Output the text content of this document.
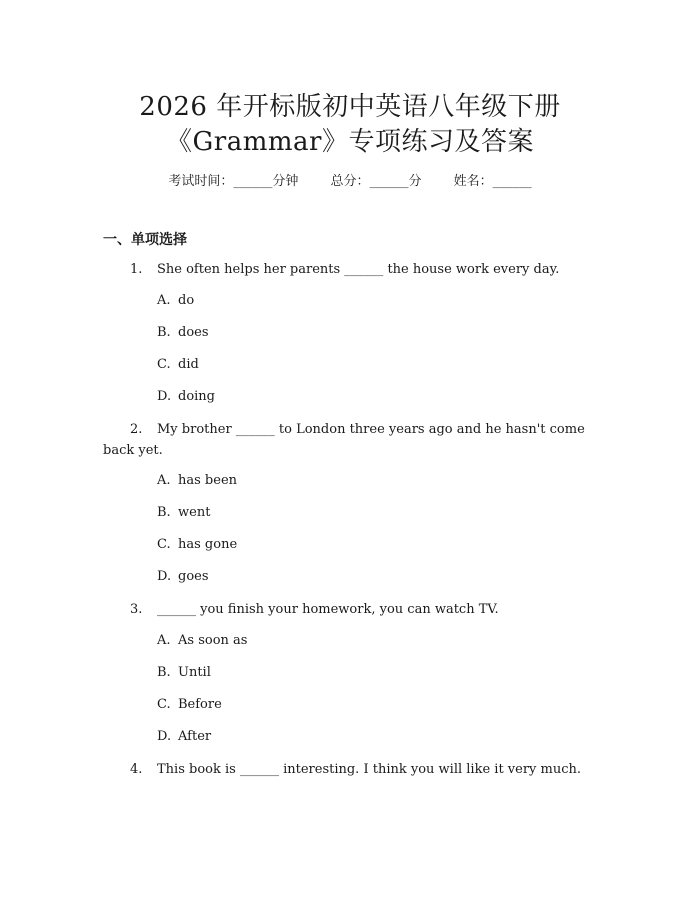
2026 年开标版初中英语八年级下册
《Grammar》专项练习及答案
考试时间：______分钟 总分：______分 姓名：______
一、单项选择

1. She often helps her parents ______ the house work every day.

A. do
B. does
C. did
D. doing

2. My brother ______ to London three years ago and he hasn't come back yet.

A. has been
B. went
C. has gone
D. goes

3. ______ you finish your homework, you can watch TV.

A. As soon as
B. Until
C. Before
D. After

4. This book is ______ interesting. I think you will like it very much.
